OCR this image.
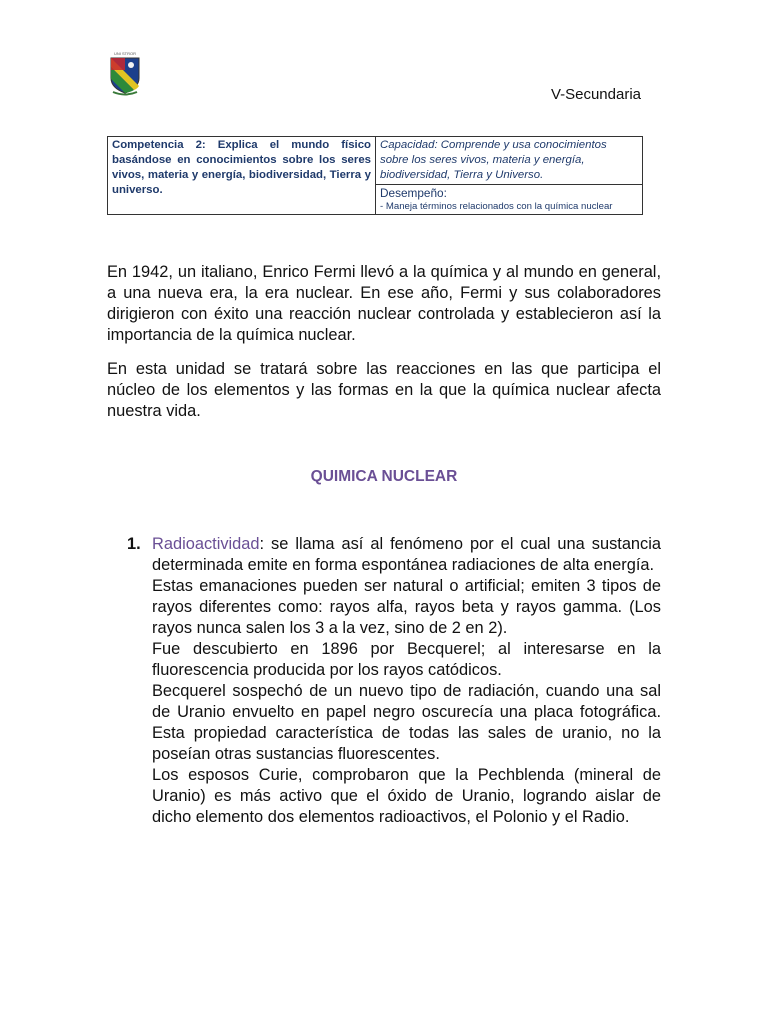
UNI STROR
V-Secundaria
Competencia 2: Explica el mundo físico basándose en conocimientos sobre los seres vivos, materia y energía, biodiversidad, Tierra y universo.	Capacidad: Comprende y usa conocimientos sobre los seres vivos, materia y energía, biodiversidad, Tierra y Universo.

Desempeño:
- Maneja términos relacionados con la química nuclear

En 1942, un italiano, Enrico Fermi llevó a la química y al mundo en general, a una nueva era, la era nuclear. En ese año, Fermi y sus colaboradores dirigieron con éxito una reacción nuclear controlada y establecieron así la importancia de la química nuclear.

En esta unidad se tratará sobre las reacciones en las que participa el núcleo de los elementos y las formas en la que la química nuclear afecta nuestra vida.

QUIMICA NUCLEAR
1. Radioactividad: se llama así al fenómeno por el cual una sustancia determinada emite en forma espontánea radiaciones de alta energía.

Estas emanaciones pueden ser natural o artificial; emiten 3 tipos de rayos diferentes como: rayos alfa, rayos beta y rayos gamma. (Los rayos nunca salen los 3 a la vez, sino de 2 en 2).

Fue descubierto en 1896 por Becquerel; al interesarse en la fluorescencia producida por los rayos catódicos.

Becquerel sospechó de un nuevo tipo de radiación, cuando una sal de Uranio envuelto en papel negro oscurecía una placa fotográfica. Esta propiedad característica de todas las sales de uranio, no la poseían otras sustancias fluorescentes.

Los esposos Curie, comprobaron que la Pechblenda (mineral de Uranio) es más activo que el óxido de Uranio, logrando aislar de dicho elemento dos elementos radioactivos, el Polonio y el Radio.
